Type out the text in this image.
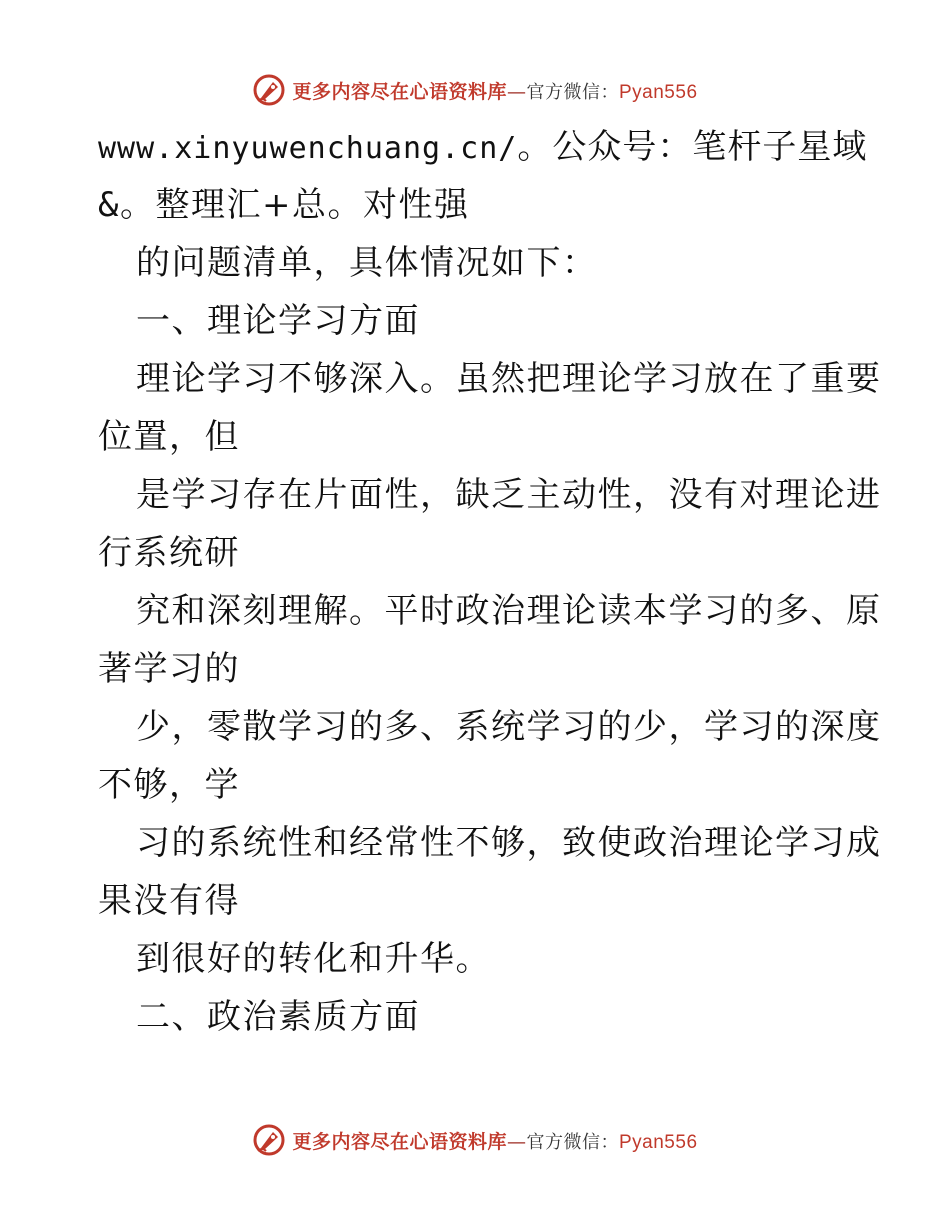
更多内容尽在心语资料库 — 官方微信： Pyan556
www.xinyuwenchuang.cn/。公众号：笔杆子星域
&。整理汇+总。对性强
的问题清单，具体情况如下：
一、理论学习方面
理论学习不够深入。虽然把理论学习放在了重要
位置，但
是学习存在片面性，缺乏主动性，没有对理论进
行系统研
究和深刻理解。平时政治理论读本学习的多、原
著学习的
少，零散学习的多、系统学习的少，学习的深度
不够，学
习的系统性和经常性不够，致使政治理论学习成
果没有得
到很好的转化和升华。
二、政治素质方面
更多内容尽在心语资料库 — 官方微信： Pyan556
